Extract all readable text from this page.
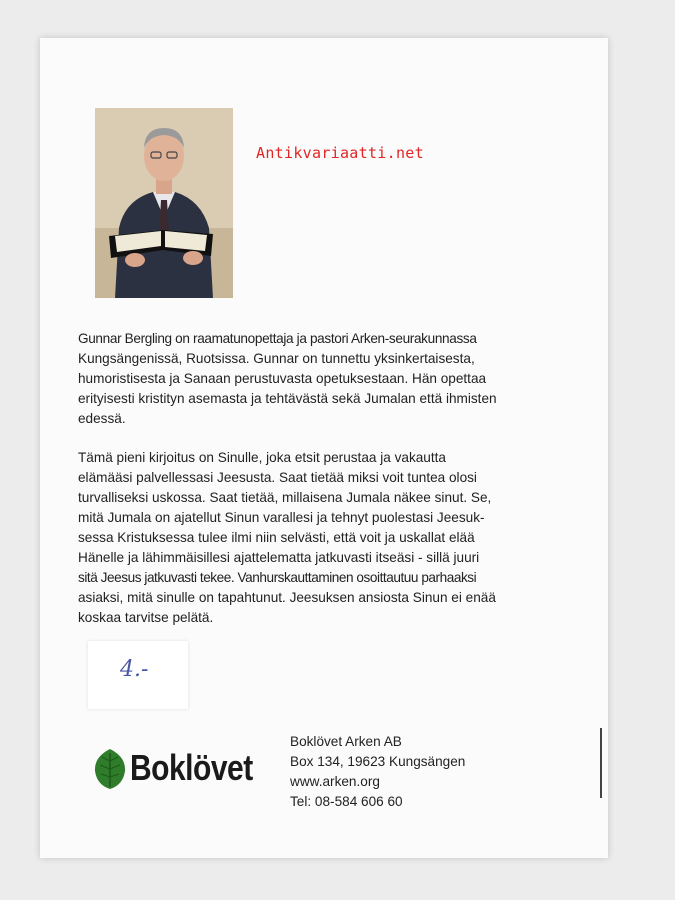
Antikvariaatti.net

Gunnar Bergling on raamatunopettaja ja pastori Arken-seurakunnassa

Kungsängenissä, Ruotsissa. Gunnar on tunnettu yksinkertaisesta,

humoristisesta ja Sanaan perustuvasta opetuksestaan. Hän opettaa

erityisesti kristityn asemasta ja tehtävästä sekä Jumalan että ihmisten

edessä.

Tämä pieni kirjoitus on Sinulle, joka etsit perustaa ja vakautta

elämääsi palvellessasi Jeesusta. Saat tietää miksi voit tuntea olosi

turvalliseksi uskossa. Saat tietää, millaisena Jumala näkee sinut. Se,

mitä Jumala on ajatellut Sinun varallesi ja tehnyt puolestasi Jeesuk-

sessa Kristuksessa tulee ilmi niin selvästi, että voit ja uskallat elää

Hänelle ja lähimmäisillesi ajattelematta jatkuvasti itseäsi - sillä juuri

sitä Jeesus jatkuvasti tekee. Vanhurskauttaminen osoittautuu parhaaksi

asiaksi, mitä sinulle on tapahtunut. Jeesuksen ansiosta Sinun ei enää

koskaa tarvitse pelätä.

4.-
Boklövet
Boklövet Arken AB
Box 134, 19623 Kungsängen
www.arken.org
Tel: 08-584 606 60
